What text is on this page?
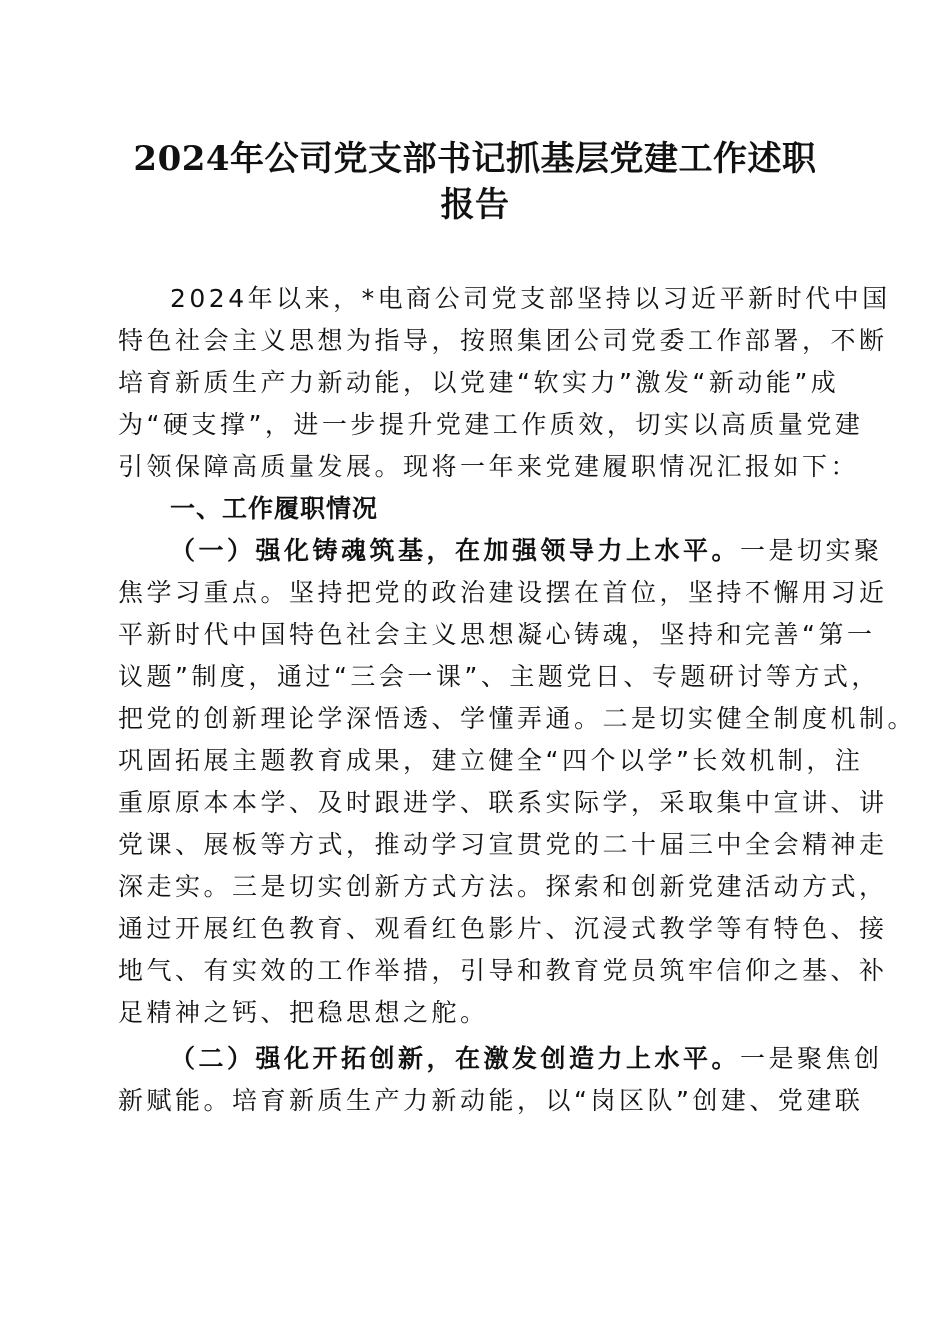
2024年公司党支部书记抓基层党建工作述职
报告

2024年以来，*电商公司党支部坚持以习近平新时代中国
特色社会主义思想为指导，按照集团公司党委工作部署，不断
培育新质生产力新动能，以党建“软实力”激发“新动能”成
为“硬支撑”，进一步提升党建工作质效，切实以高质量党建
引领保障高质量发展。现将一年来党建履职情况汇报如下：

一、工作履职情况

（一）强化铸魂筑基，在加强领导力上水平。一是切实聚
焦学习重点。坚持把党的政治建设摆在首位，坚持不懈用习近
平新时代中国特色社会主义思想凝心铸魂，坚持和完善“第一
议题”制度，通过“三会一课”、主题党日、专题研讨等方式，
把党的创新理论学深悟透、学懂弄通。二是切实健全制度机制。
巩固拓展主题教育成果，建立健全“四个以学”长效机制，注
重原原本本学、及时跟进学、联系实际学，采取集中宣讲、讲
党课、展板等方式，推动学习宣贯党的二十届三中全会精神走
深走实。三是切实创新方式方法。探索和创新党建活动方式，
通过开展红色教育、观看红色影片、沉浸式教学等有特色、接
地气、有实效的工作举措，引导和教育党员筑牢信仰之基、补
足精神之钙、把稳思想之舵。

（二）强化开拓创新，在激发创造力上水平。一是聚焦创
新赋能。培育新质生产力新动能，以“岗区队”创建、党建联
